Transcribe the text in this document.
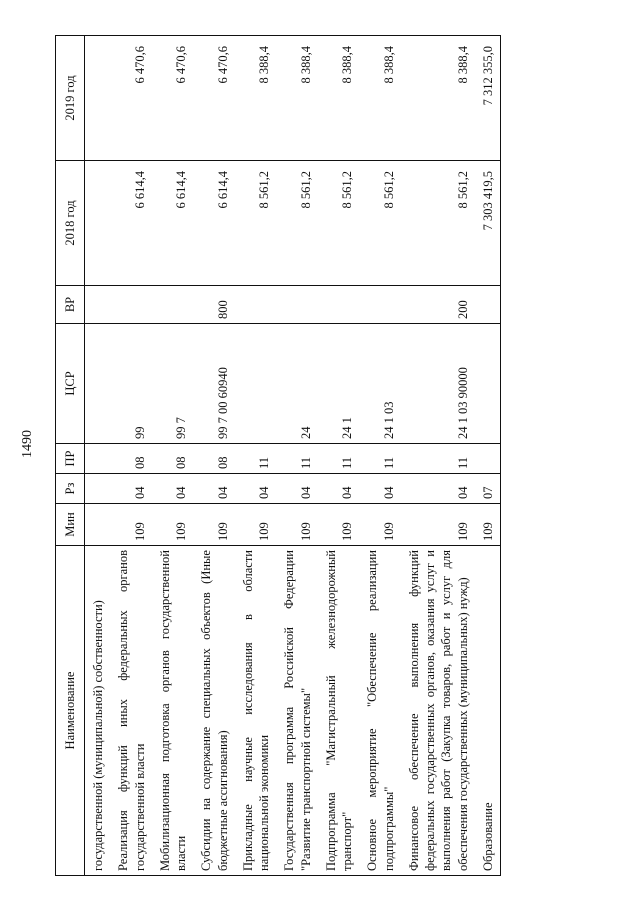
1490
Наименование	Мин	Рз	ПР	ЦСР	ВР	2018 год	2019 год
государственной (муниципальной) собственности)							
Реализация функций иных федеральных органов государственной власти	109	04	08	99		6 614,4	6 470,6
Мобилизационная подготовка органов государственной власти	109	04	08	99 7		6 614,4	6 470,6
Субсидии на содержание специальных объектов (Иные бюджетные ассигнования)	109	04	08	99 7 00 60940	800	6 614,4	6 470,6
Прикладные научные исследования в области национальной экономики	109	04	11			8 561,2	8 388,4
Государственная программа Российской Федерации "Развитие транспортной системы"	109	04	11	24		8 561,2	8 388,4
Подпрограмма "Магистральный железнодорожный транспорт"	109	04	11	24 1		8 561,2	8 388,4
Основное мероприятие "Обеспечение реализации подпрограммы"	109	04	11	24 1 03		8 561,2	8 388,4
Финансовое обеспечение выполнения функций федеральных государственных органов, оказания услуг и выполнения работ (Закупка товаров, работ и услуг для обеспечения государственных (муниципальных) нужд)	109	04	11	24 1 03 90000	200	8 561,2	8 388,4
Образование	109	07				7 303 419,5	7 312 355,0
